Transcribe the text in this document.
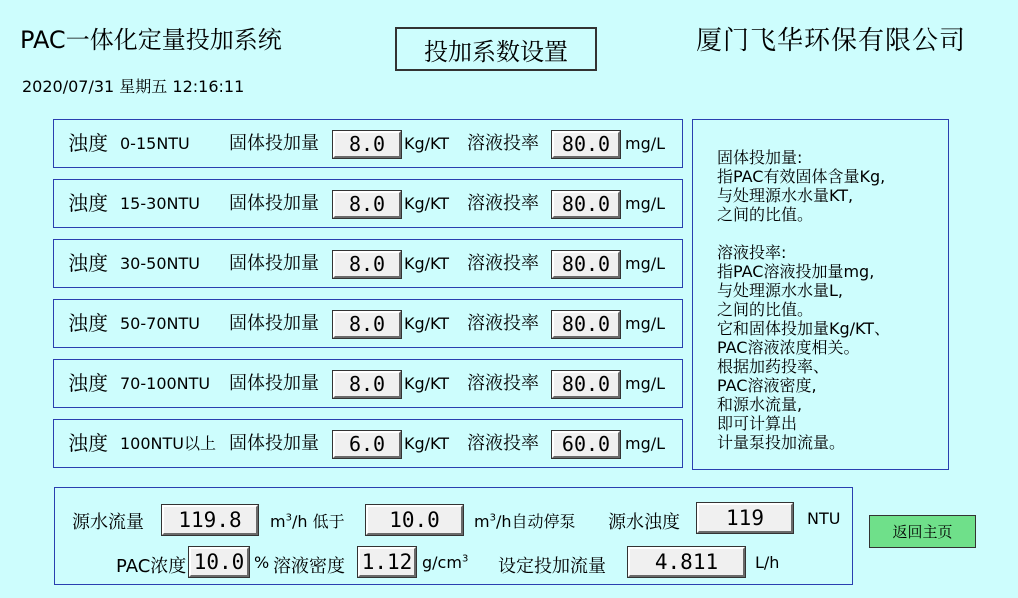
PAC一体化定量投加系统	投加系数设置	厦门飞华环保有限公司
2020/07/31 星期五 12:16:11
浊度 0-15NTU 固体投加量	8.0	Kg/KT 溶液投率	80.0 mg/L
浊度 15-30NTU 固体投加量	8.0	Kg/KT 溶液投率	80.0 mg/L
浊度 30-50NTU 固体投加量	8.0	Kg/KT 溶液投率	80.0 mg/L
浊度 50-70NTU 固体投加量	8.0	Kg/KT 溶液投率	80.0 mg/L
浊度 70-100NTU 固体投加量	8.0	Kg/KT 溶液投率	80.0 mg/L
浊度 100NTU以上 固体投加量	6.0	Kg/KT 溶液投率	60.0 mg/L
固体投加量:
指PAC有效固体含量Kg,
与处理源水水量KT,
之间的比值。
溶液投率:
指PAC溶液投加量mg,
与处理源水水量L,
之间的比值。
它和固体投加量Kg/KT、
PAC溶液浓度相关。
根据加药投率、
PAC溶液密度,
和源水流量,
即可计算出
计量泵投加流量。
源水流量	119.8	$m^3/h$ 低于	10.0	$m^3/h$自动停泵 源水浊度	119	NTU
PAC浓度 10.0 % 溶液密度 1.12 $g/cm^3$ 设定投加流量	4.811	L/h
返回主页
